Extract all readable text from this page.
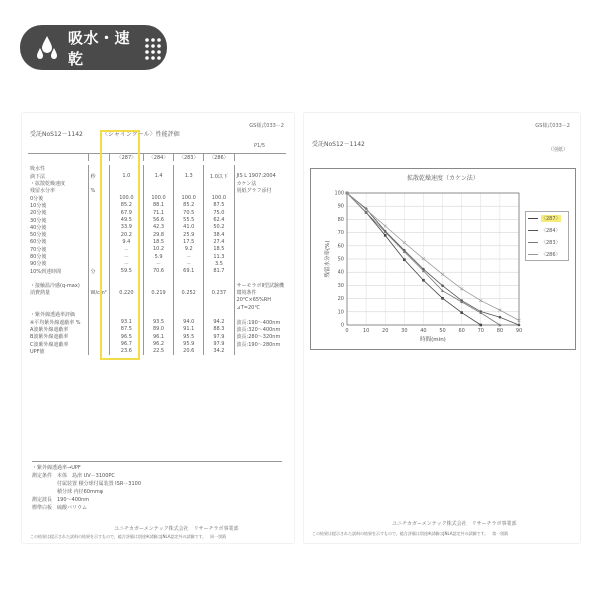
吸水・速乾
GS様式033－2
受託NoS12－1142	〈シャインクール〉性能評価
P1/5
		〈287〉	〈284〉	〈283〉	〈286〉	

吸水性						
滴下法	秒	1.0	1.4	1.3	1.0以下	JIS L 1907:2004
・拡散乾燥速度						カケン法
残留水分率	%					別紙グラフ添付
0分後		100.0	100.0	100.0	100.0	
10分後		85.2	88.1	85.2	87.5	
20分後		67.9	71.1	70.5	75.0	
30分後		49.5	56.6	55.5	62.4	
40分後		33.9	42.3	41.0	50.2	
50分後		20.2	29.8	25.9	38.4	
60分後		9.4	18.5	17.5	27.4	
70分後		－	10.2	9.2	18.5	
80分後		－	5.9	－	11.3	
90分後		－	－	－	3.5	
10%到達時間	分	59.5	70.6	69.1	81.7	

・接触温冷感(q-max)						サーモラボⅡ型試験機
消費熱量	W/cm²	0.220	0.219	0.252	0.237	環境条件
						20℃×65%RH
						⊿T=20℃
・紫外線透過率評価						
※平均紫外線遮蔽率 %		93.1	93.5	94.0	94.2	波長:190〜400nm
A波紫外線遮蔽率		87.5	89.0	91.1	88.3	波長:320〜400nm
B波紫外線遮蔽率		96.5	96.1	95.5	97.9	波長:280〜320nm
C波紫外線遮蔽率		96.7	96.2	95.9	97.9	波長:190〜280nm
UPF値		23.6	22.5	20.6	34.2	
・紫外線透過率→UPF
測定条件　本体　島津 UV－3100PC
　　　　　付属装置 積分球付属装置 ISR－3100
　　　　　積分球 内径60mmφ
測定波長　190〜400nm
標準白板　硫酸バリウム
ユニチカガーメンテック株式会社　リサーチラボ事業部
この結果は提示された試料の結果を示すもので、総合評価は別途※試験はJNLA認定外の試験です。　同一別紙
GS様式033－2
受託NoS12－1142
（別紙）
拡散乾燥速度（カケン法）
0
10
20
30
40
50
60
70
80
90
100
0	10	20	30	40	50	60	70	80	90
時間(min)
残留水分率(%)
〈287〉
〈284〉
〈283〉
〈286〉
ユニチカガーメンテック株式会社　リサーチラボ事業部
この結果は提示された試料の結果を示すもので、総合評価は別途※試験はJNLA認定外の試験です。　第一別紙
